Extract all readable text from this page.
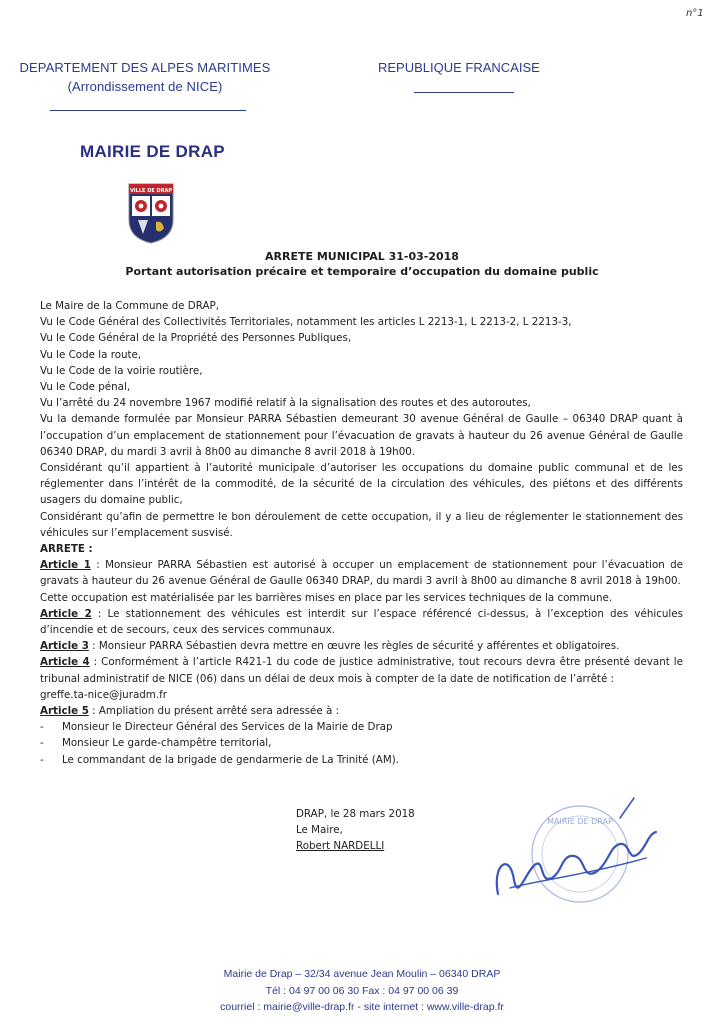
n°1
DEPARTEMENT DES ALPES MARITIMES
(Arrondissement de NICE)
REPUBLIQUE FRANCAISE
MAIRIE DE DRAP
VILLE DE DRAP
ARRETE MUNICIPAL 31-03-2018
Portant autorisation précaire et temporaire d’occupation du domaine public

Le Maire de la Commune de DRAP,

Vu le Code Général des Collectivités Territoriales, notamment les articles L 2213-1, L 2213-2, L 2213-3,

Vu le Code Général de la Propriété des Personnes Publiques,

Vu le Code la route,

Vu le Code de la voirie routière,

Vu le Code pénal,

Vu l’arrêté du 24 novembre 1967 modifié relatif à la signalisation des routes et des autoroutes,

Vu la demande formulée par Monsieur PARRA Sébastien demeurant 30 avenue Général de Gaulle – 06340 DRAP quant à l’occupation d’un emplacement de stationnement pour l’évacuation de gravats à hauteur du 26 avenue Général de Gaulle 06340 DRAP, du mardi 3 avril à 8h00 au dimanche 8 avril 2018 à 19h00.

Considérant qu’il appartient à l’autorité municipale d’autoriser les occupations du domaine public communal et de les réglementer dans l’intérêt de la commodité, de la sécurité de la circulation des véhicules, des piétons et des différents usagers du domaine public,

Considérant qu’afin de permettre le bon déroulement de cette occupation, il y a lieu de réglementer le stationnement des véhicules sur l’emplacement susvisé.

ARRETE :

Article 1 : Monsieur PARRA Sébastien est autorisé à occuper un emplacement de stationnement pour l’évacuation de gravats à hauteur du 26 avenue Général de Gaulle 06340 DRAP, du mardi 3 avril à 8h00 au dimanche 8 avril 2018 à 19h00.

Cette occupation est matérialisée par les barrières mises en place par les services techniques de la commune.

Article 2 : Le stationnement des véhicules est interdit sur l’espace référencé ci-dessus, à l’exception des véhicules d’incendie et de secours, ceux des services communaux.

Article 3 : Monsieur PARRA Sébastien devra mettre en œuvre les règles de sécurité y afférentes et obligatoires.

Article 4 : Conformément à l’article R421-1 du code de justice administrative, tout recours devra être présenté devant le tribunal administratif de NICE (06) dans un délai de deux mois à compter de la date de notification de l’arrêté :

greffe.ta-nice@juradm.fr

Article 5 : Ampliation du présent arrêté sera adressée à :

- Monsieur le Directeur Général des Services de la Mairie de Drap
- Monsieur Le garde-champêtre territorial,
- Le commandant de la brigade de gendarmerie de La Trinité (AM).
DRAP, le 28 mars 2018
Le Maire,
Robert NARDELLI
MAIRIE DE DRAP
Mairie de Drap – 32/34 avenue Jean Moulin – 06340 DRAP
Tél : 04 97 00 06 30 Fax : 04 97 00 06 39
courriel : mairie@ville-drap.fr - site internet : www.ville-drap.fr
